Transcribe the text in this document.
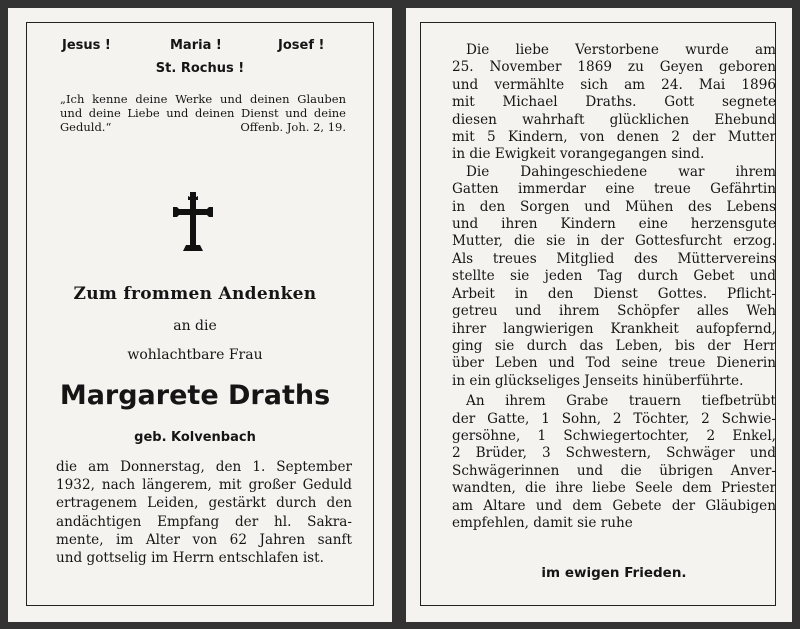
Jesus !	Maria !	Josef !
St. Rochus !
„Ich kenne deine Werke und deinen Glauben und deine Liebe und deinen Dienst und deine Geduld.“	Offenb. Joh. 2, 19.
Zum frommen Andenken
an die
wohlachtbare Frau
Margarete Draths
geb. Kolvenbach
die am Donnerstag, den 1. September
1932, nach längerem, mit großer Geduld
ertragenem Leiden, gestärkt durch den
andächtigen Empfang der hl. Sakra-
mente, im Alter von 62 Jahren sanft
und gottselig im Herrn entschlafen ist.
Die liebe Verstorbene wurde am
25. November 1869 zu Geyen geboren
und vermählte sich am 24. Mai 1896
mit Michael Draths. Gott segnete
diesen wahrhaft glücklichen Ehebund
mit 5 Kindern, von denen 2 der Mutter
in die Ewigkeit vorangegangen sind.
Die Dahingeschiedene war ihrem
Gatten immerdar eine treue Gefährtin
in den Sorgen und Mühen des Lebens
und ihren Kindern eine herzensgute
Mutter, die sie in der Gottesfurcht erzog.
Als treues Mitglied des Müttervereins
stellte sie jeden Tag durch Gebet und
Arbeit in den Dienst Gottes. Pflicht-
getreu und ihrem Schöpfer alles Weh
ihrer langwierigen Krankheit aufopfernd,
ging sie durch das Leben, bis der Herr
über Leben und Tod seine treue Dienerin
in ein glückseliges Jenseits hinüberführte.
An ihrem Grabe trauern tiefbetrübt
der Gatte, 1 Sohn, 2 Töchter, 2 Schwie-
gersöhne, 1 Schwiegertochter, 2 Enkel,
2 Brüder, 3 Schwestern, Schwäger und
Schwägerinnen und die übrigen Anver-
wandten, die ihre liebe Seele dem Priester
am Altare und dem Gebete der Gläubigen
empfehlen, damit sie ruhe
im ewigen Frieden.
